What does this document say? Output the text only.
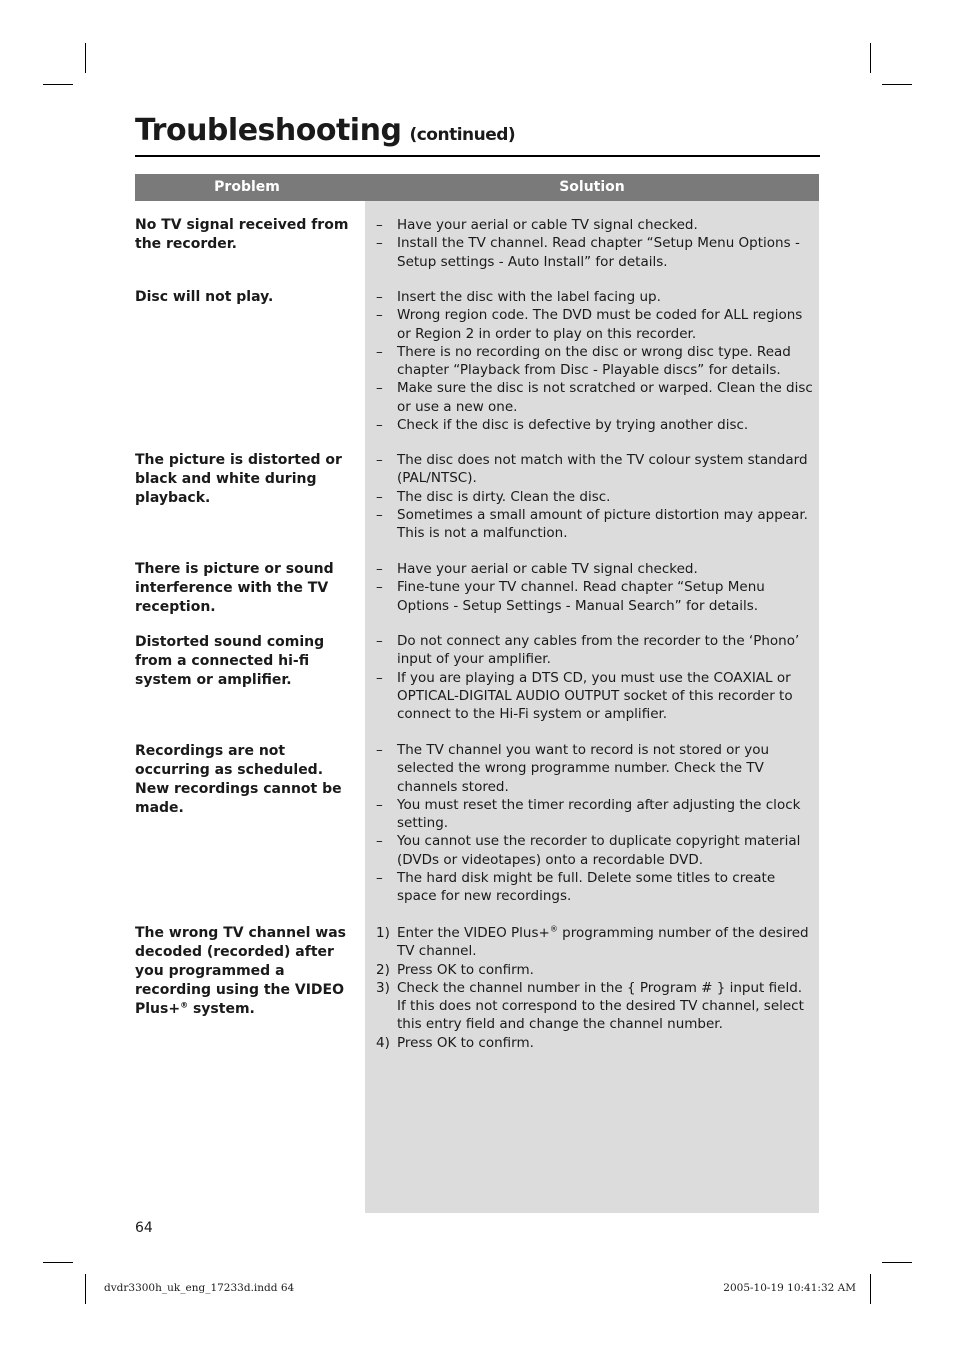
Troubleshooting (continued)
Problem	Solution
No TV signal received from the recorder.
– Have your aerial or cable TV signal checked.
– Install the TV channel. Read chapter “Setup Menu Options - Setup settings - Auto Install” for details.
Disc will not play.	– Insert the disc with the label facing up.
– Wrong region code. The DVD must be coded for ALL regions or Region 2 in order to play on this recorder.
– There is no recording on the disc or wrong disc type. Read chapter “Playback from Disc - Playable discs” for details.
– Make sure the disc is not scratched or warped. Clean the disc or use a new one.
– Check if the disc is defective by trying another disc.
The picture is distorted or black and white during playback.
– The disc does not match with the TV colour system standard (PAL/NTSC).
– The disc is dirty. Clean the disc.
– Sometimes a small amount of picture distortion may appear. This is not a malfunction.
There is picture or sound interference with the TV reception.
– Have your aerial or cable TV signal checked.
– Fine-tune your TV channel. Read chapter “Setup Menu Options - Setup Settings - Manual Search” for details.
Distorted sound coming from a connected hi-fi system or amplifier.
– Do not connect any cables from the recorder to the ‘Phono’ input of your amplifier.
– If you are playing a DTS CD, you must use the COAXIAL or OPTICAL-DIGITAL AUDIO OUTPUT socket of this recorder to connect to the Hi-Fi system or amplifier.
Recordings are not occurring as scheduled. New recordings cannot be made.
– The TV channel you want to record is not stored or you selected the wrong programme number. Check the TV channels stored.
– You must reset the timer recording after adjusting the clock setting.
– You cannot use the recorder to duplicate copyright material (DVDs or videotapes) onto a recordable DVD.
– The hard disk might be full. Delete some titles to create space for new recordings.
The wrong TV channel was decoded (recorded) after you programmed a recording using the VIDEO Plus+® system.
1) Enter the VIDEO Plus+® programming number of the desired TV channel.
2) Press OK to confirm.
3) Check the channel number in the { Program # } input field. If this does not correspond to the desired TV channel, select this entry field and change the channel number.
4) Press OK to confirm.
64
dvdr3300h_uk_eng_17233d.indd 64	2005-10-19 10:41:32 AM
